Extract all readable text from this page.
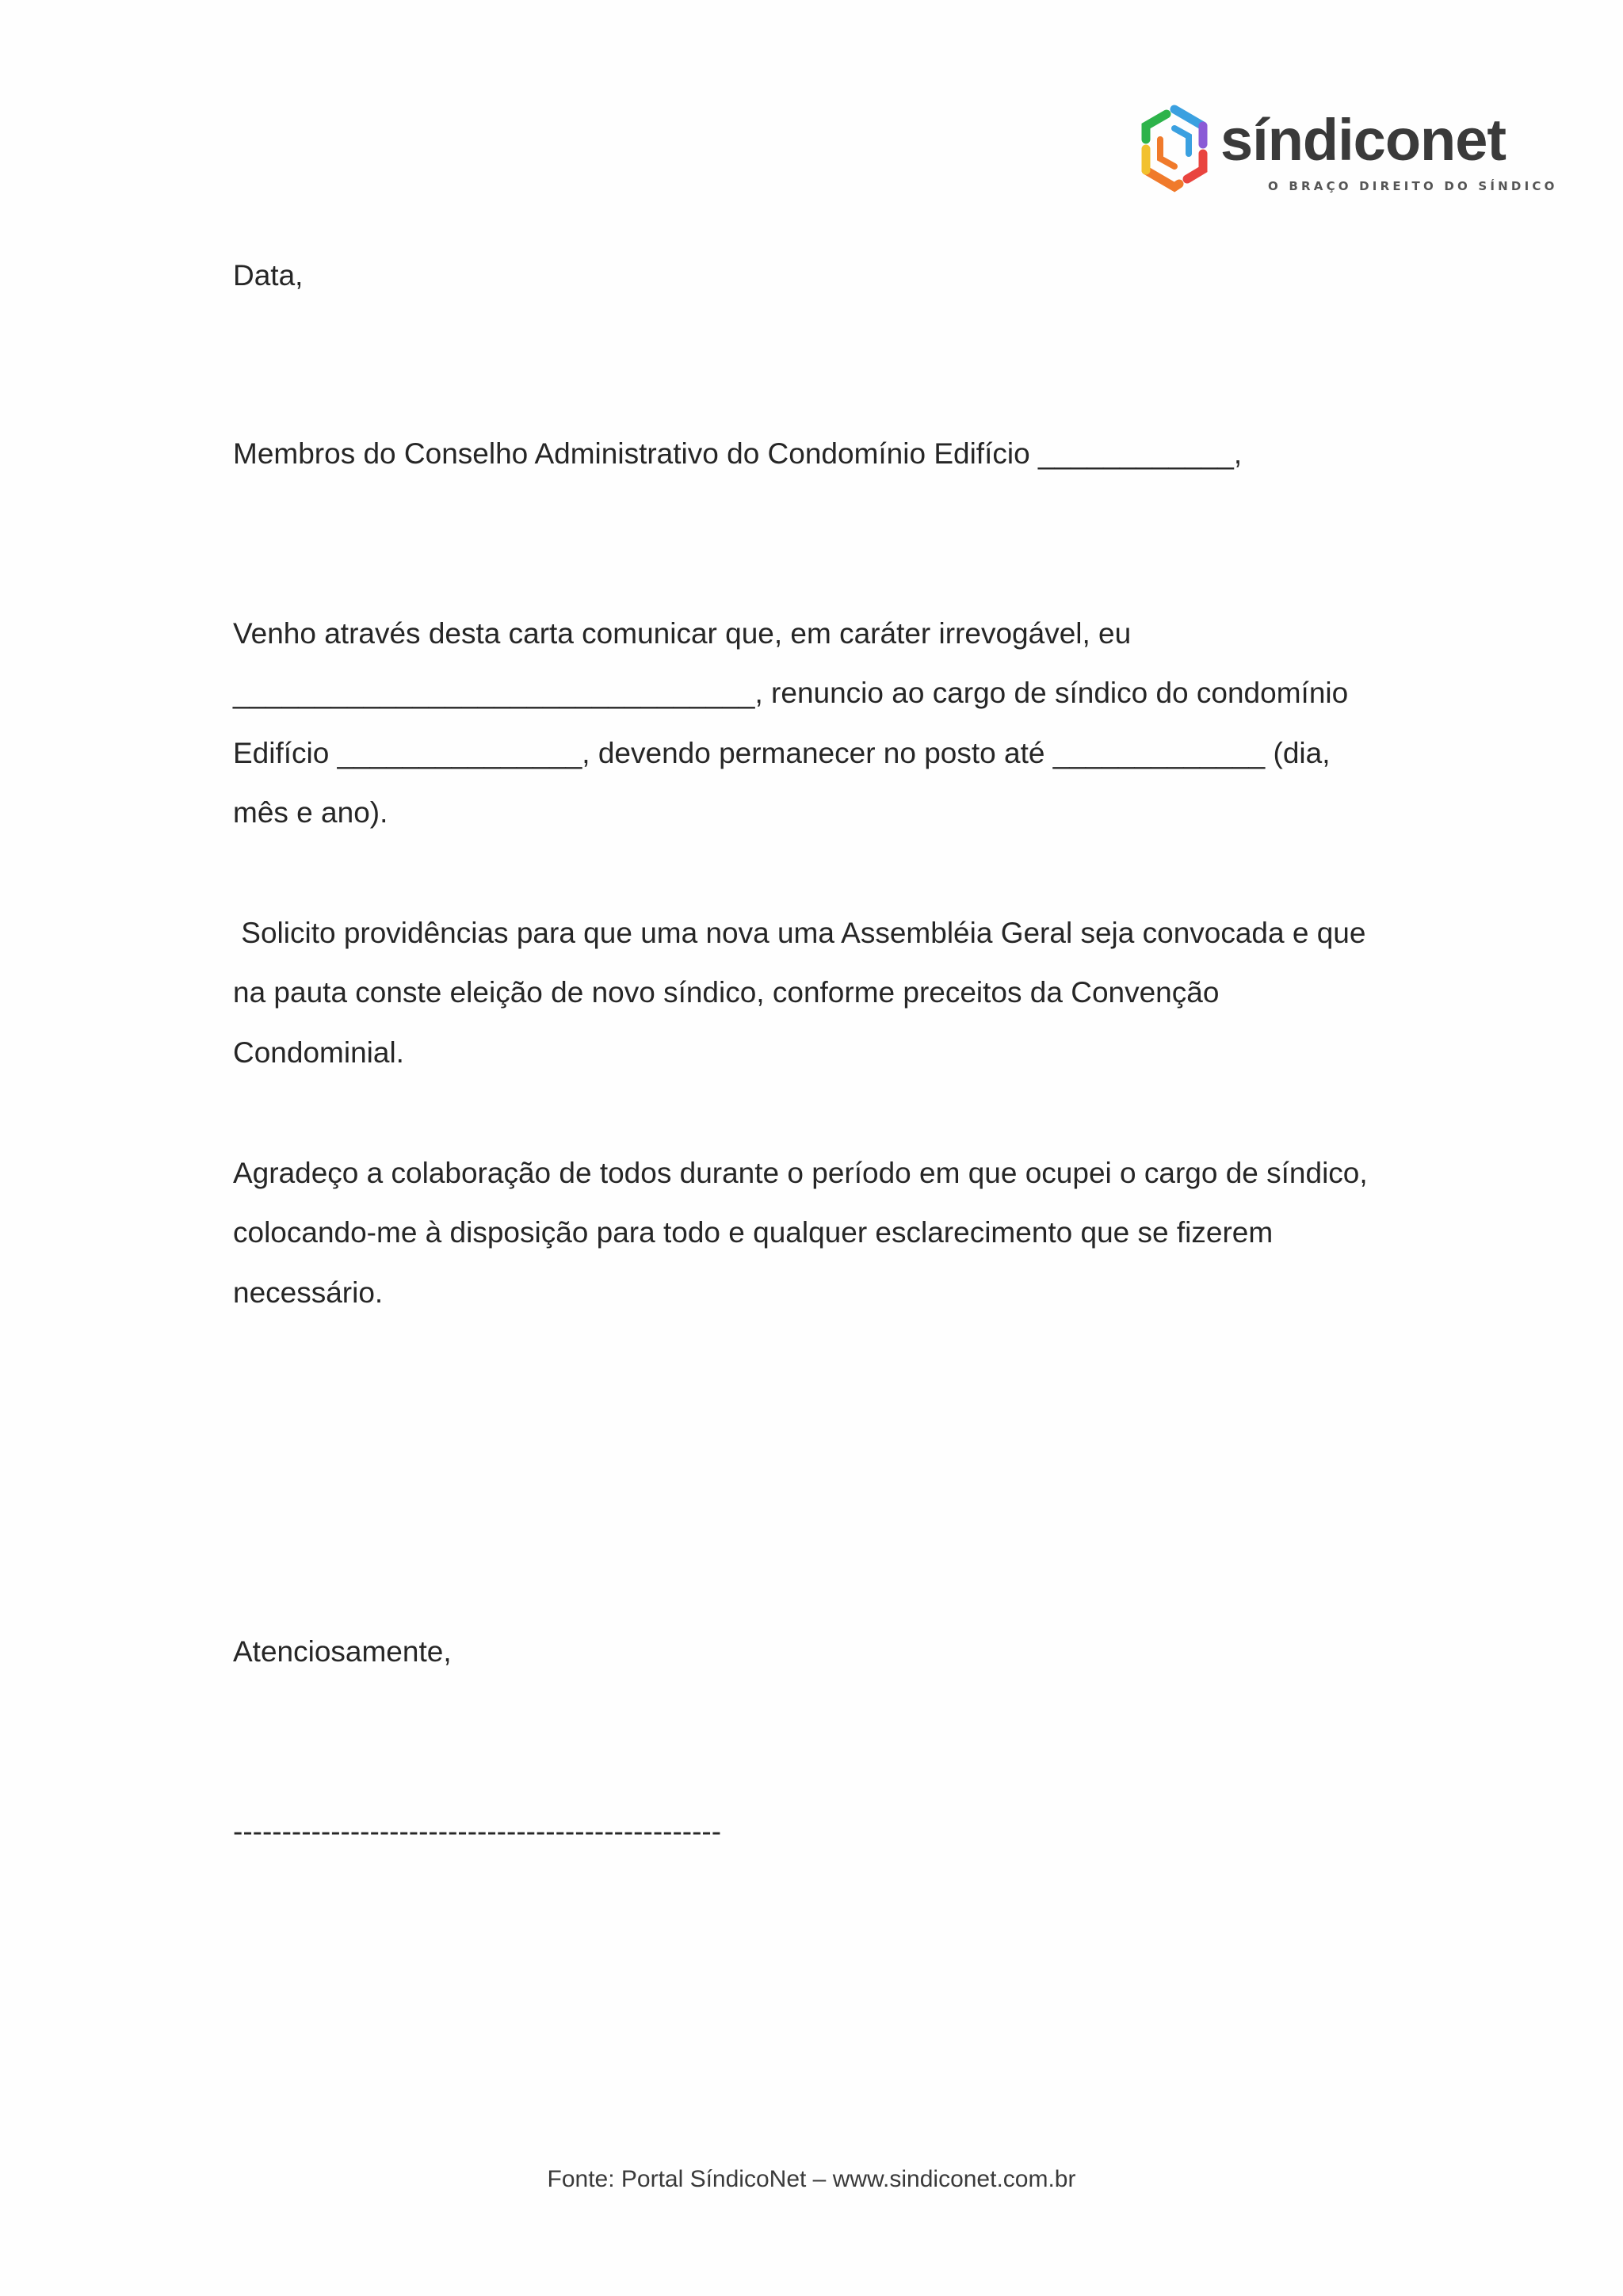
síndiconet
O BRAÇO DIREITO DO SÍNDICO
Data,
Membros do Conselho Administrativo do Condomínio Edifício ____________,
Venho através desta carta comunicar que, em caráter irrevogável, eu
________________________________, renuncio ao cargo de síndico do condomínio
Edifício _______________, devendo permanecer no posto até _____________ (dia,
mês e ano).
Solicito providências para que uma nova uma Assembléia Geral seja convocada e que
na pauta conste eleição de novo síndico, conforme preceitos da Convenção
Condominial.
Agradeço a colaboração de todos durante o período em que ocupei o cargo de síndico,
colocando-me à disposição para todo e qualquer esclarecimento que se fizerem
necessário.
Atenciosamente,
--------------------------------------------------
Fonte: Portal SíndicoNet – www.sindiconet.com.br
